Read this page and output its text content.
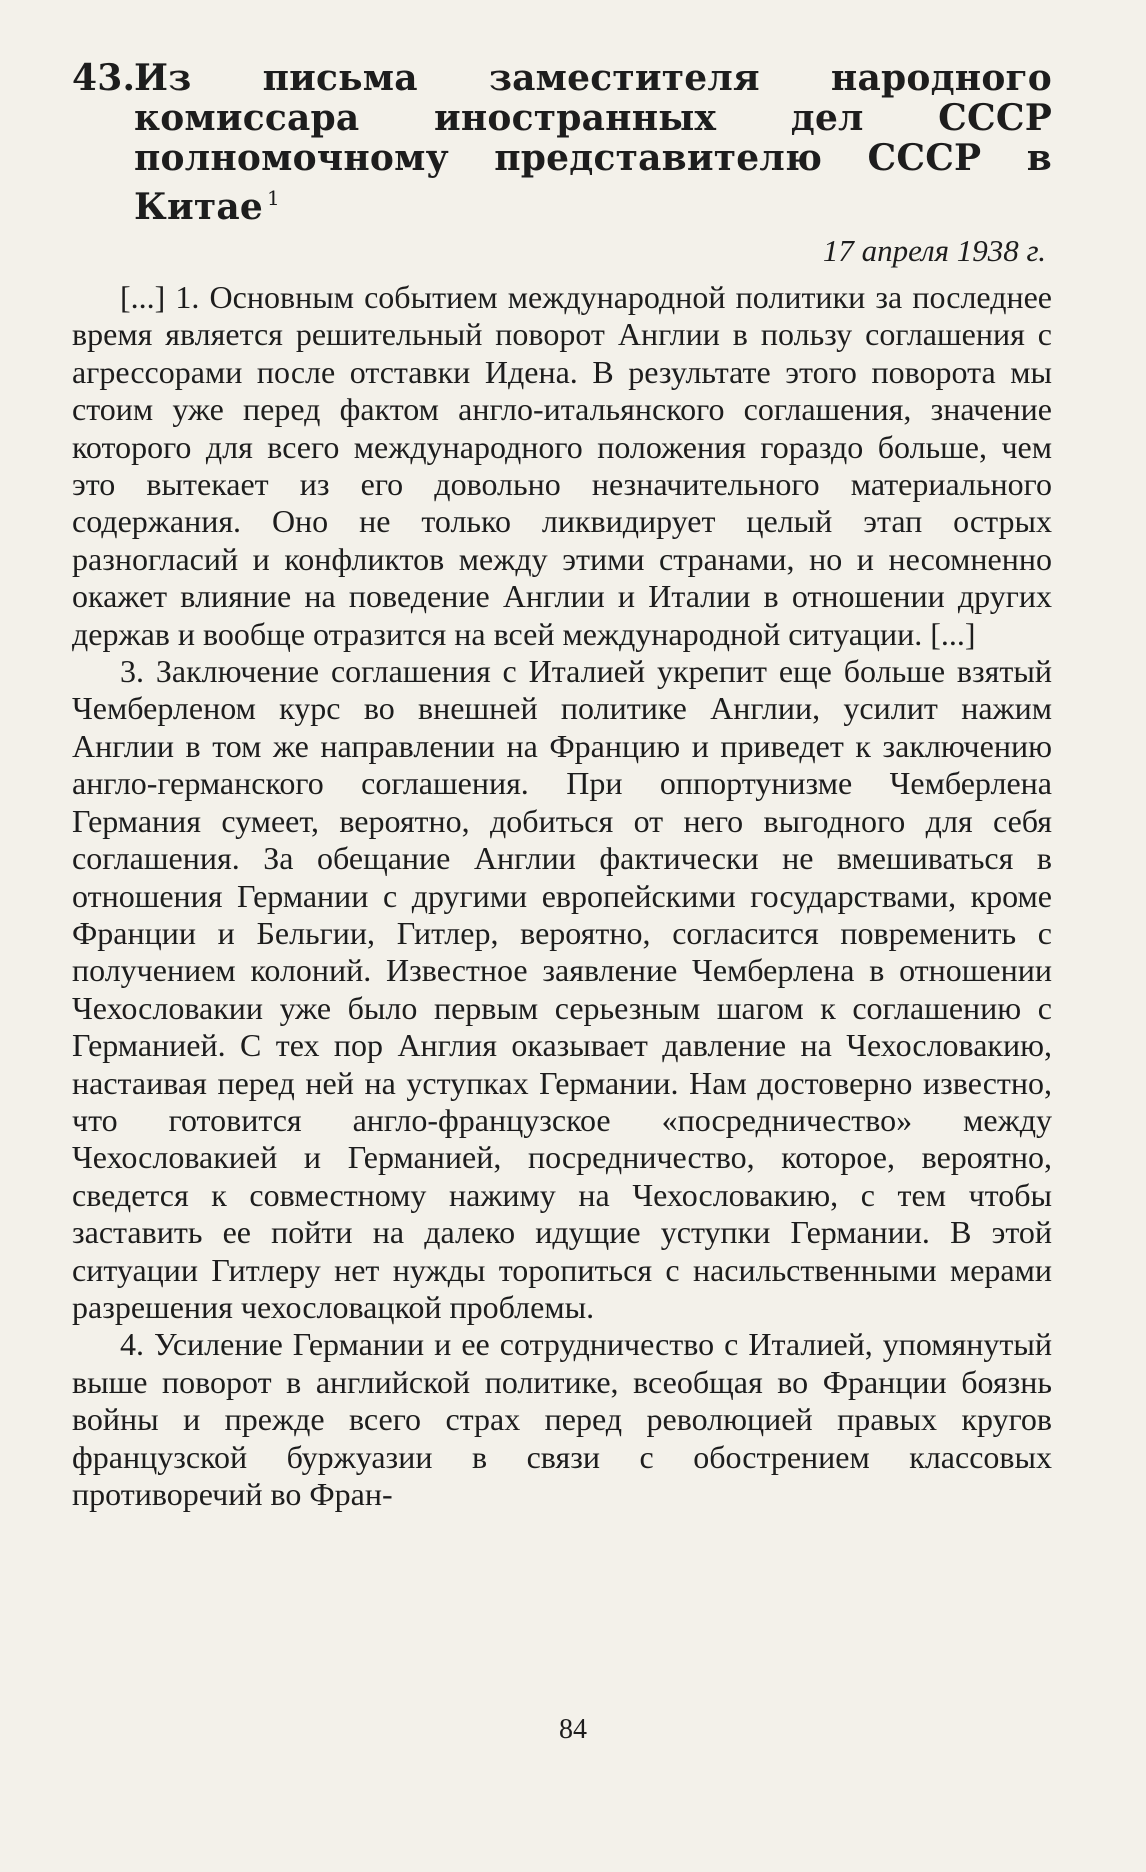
43.
Из письма заместителя народного комиссара иностранных дел СССР полномочному представителю СССР в Китае $^1$
17 апреля 1938 г.

[...] 1. Основным событием международной политики за последнее время является решительный поворот Англии в пользу соглашения с агрессорами после отставки Идена. В результате этого поворота мы стоим уже перед фактом англо-итальянского соглашения, значение которого для всего международного положения гораздо больше, чем это вытекает из его довольно незначительного материального содержания. Оно не только ликвидирует целый этап острых разногласий и конфликтов между этими странами, но и несомненно окажет влияние на поведение Англии и Италии в отношении других держав и вообще отразится на всей международной ситуации. [...]

3. Заключение соглашения с Италией укрепит еще больше взятый Чемберленом курс во внешней политике Англии, усилит нажим Англии в том же направлении на Францию и приведет к заключению англо-германского соглашения. При оппортунизме Чемберлена Германия сумеет, вероятно, добиться от него выгодного для себя соглашения. За обещание Англии фактически не вмешиваться в отношения Германии с другими европейскими государствами, кроме Франции и Бельгии, Гитлер, вероятно, согласится повременить с получением колоний. Известное заявление Чемберлена в отношении Чехословакии уже было первым серьезным шагом к соглашению с Германией. С тех пор Англия оказывает давление на Чехословакию, настаивая перед ней на уступках Германии. Нам достоверно известно, что готовится англо-французское «посредничество» между Чехословакией и Германией, посредничество, которое, вероятно, сведется к совместному нажиму на Чехословакию, с тем чтобы заставить ее пойти на далеко идущие уступки Германии. В этой ситуации Гитлеру нет нужды торопиться с насильственными мерами разрешения чехословацкой проблемы.

4. Усиление Германии и ее сотрудничество с Италией, упомянутый выше поворот в английской политике, всеобщая во Франции боязнь войны и прежде всего страх перед революцией правых кругов французской буржуазии в связи с обострением классовых противоречий во Фран-

84
